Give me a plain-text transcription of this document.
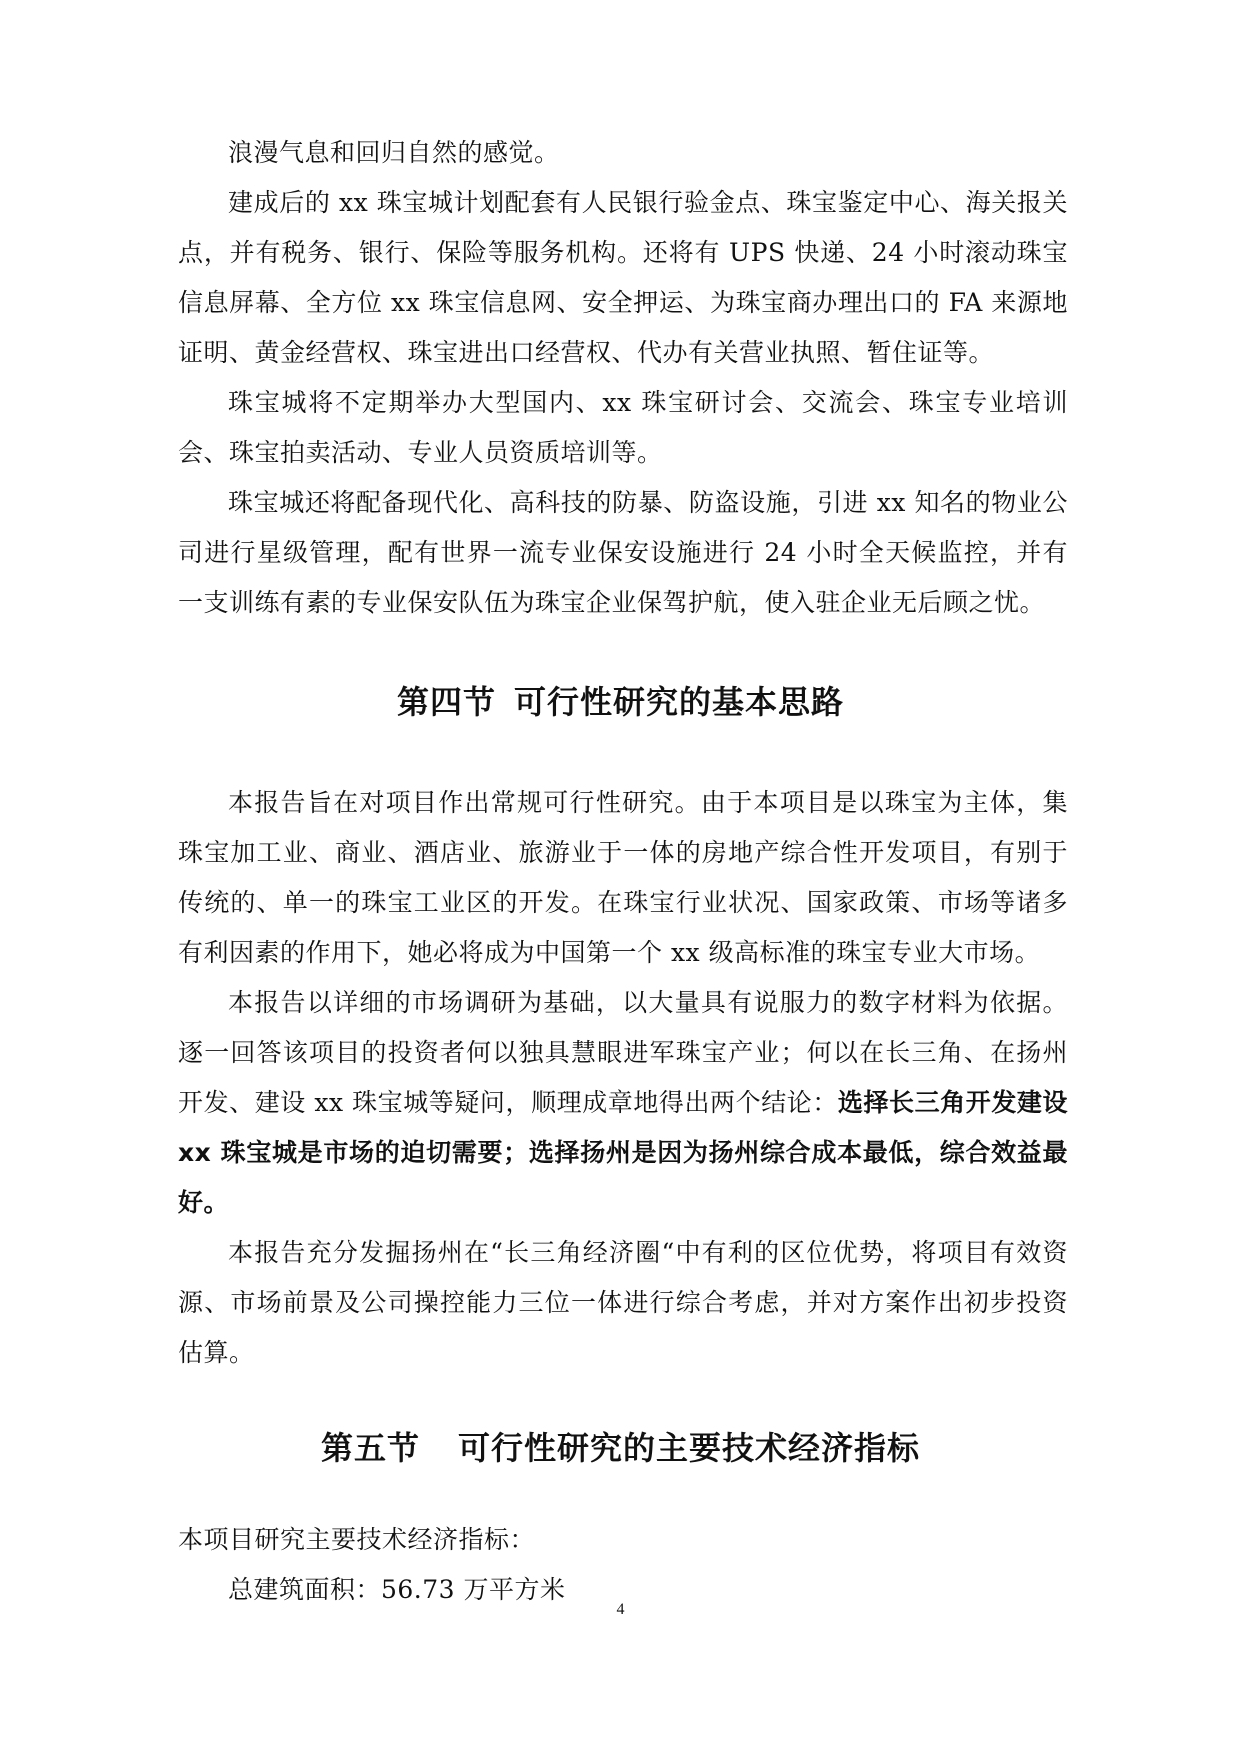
浪漫气息和回归自然的感觉。

建成后的 xx 珠宝城计划配套有人民银行验金点、珠宝鉴定中心、海关报关点，并有税务、银行、保险等服务机构。还将有 UPS 快递、24 小时滚动珠宝信息屏幕、全方位 xx 珠宝信息网、安全押运、为珠宝商办理出口的 FA 来源地证明、黄金经营权、珠宝进出口经营权、代办有关营业执照、暂住证等。

珠宝城将不定期举办大型国内、xx 珠宝研讨会、交流会、珠宝专业培训会、珠宝拍卖活动、专业人员资质培训等。

珠宝城还将配备现代化、高科技的防暴、防盗设施，引进 xx 知名的物业公司进行星级管理，配有世界一流专业保安设施进行 24 小时全天候监控，并有一支训练有素的专业保安队伍为珠宝企业保驾护航，使入驻企业无后顾之忧。

第四节 可行性研究的基本思路

本报告旨在对项目作出常规可行性研究。由于本项目是以珠宝为主体，集珠宝加工业、商业、酒店业、旅游业于一体的房地产综合性开发项目，有别于传统的、单一的珠宝工业区的开发。在珠宝行业状况、国家政策、市场等诸多有利因素的作用下，她必将成为中国第一个 xx 级高标准的珠宝专业大市场。

本报告以详细的市场调研为基础，以大量具有说服力的数字材料为依据。逐一回答该项目的投资者何以独具慧眼进军珠宝产业；何以在长三角、在扬州开发、建设 xx 珠宝城等疑问，顺理成章地得出两个结论：选择长三角开发建设 xx 珠宝城是市场的迫切需要；选择扬州是因为扬州综合成本最低，综合效益最好。

本报告充分发掘扬州在“长三角经济圈“中有利的区位优势，将项目有效资源、市场前景及公司操控能力三位一体进行综合考虑，并对方案作出初步投资估算。

第五节 可行性研究的主要技术经济指标

本项目研究主要技术经济指标：

总建筑面积：56.73 万平方米

4
